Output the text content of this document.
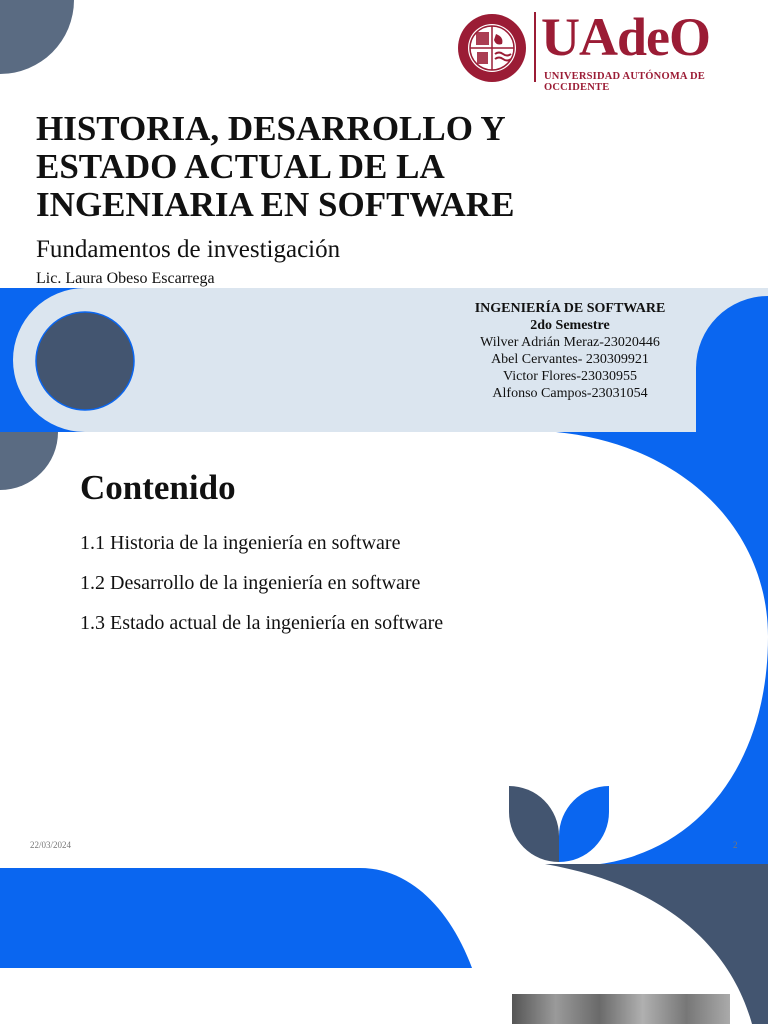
UAdeO
UNIVERSIDAD AUTÓNOMA DE OCCIDENTE
HISTORIA, DESARROLLO Y
ESTADO ACTUAL DE LA
INGENIARIA EN SOFTWARE
Fundamentos de investigación
Lic. Laura Obeso Escarrega
INGENIERÍA DE SOFTWARE
2do Semestre
Wilver Adrián Meraz-23020446
Abel Cervantes- 230309921
Victor Flores-23030955
Alfonso Campos-23031054
Contenido
1.1 Historia de la ingeniería en software
1.2 Desarrollo de la ingeniería en software
1.3 Estado actual de la ingeniería en software
22/03/2024	2
